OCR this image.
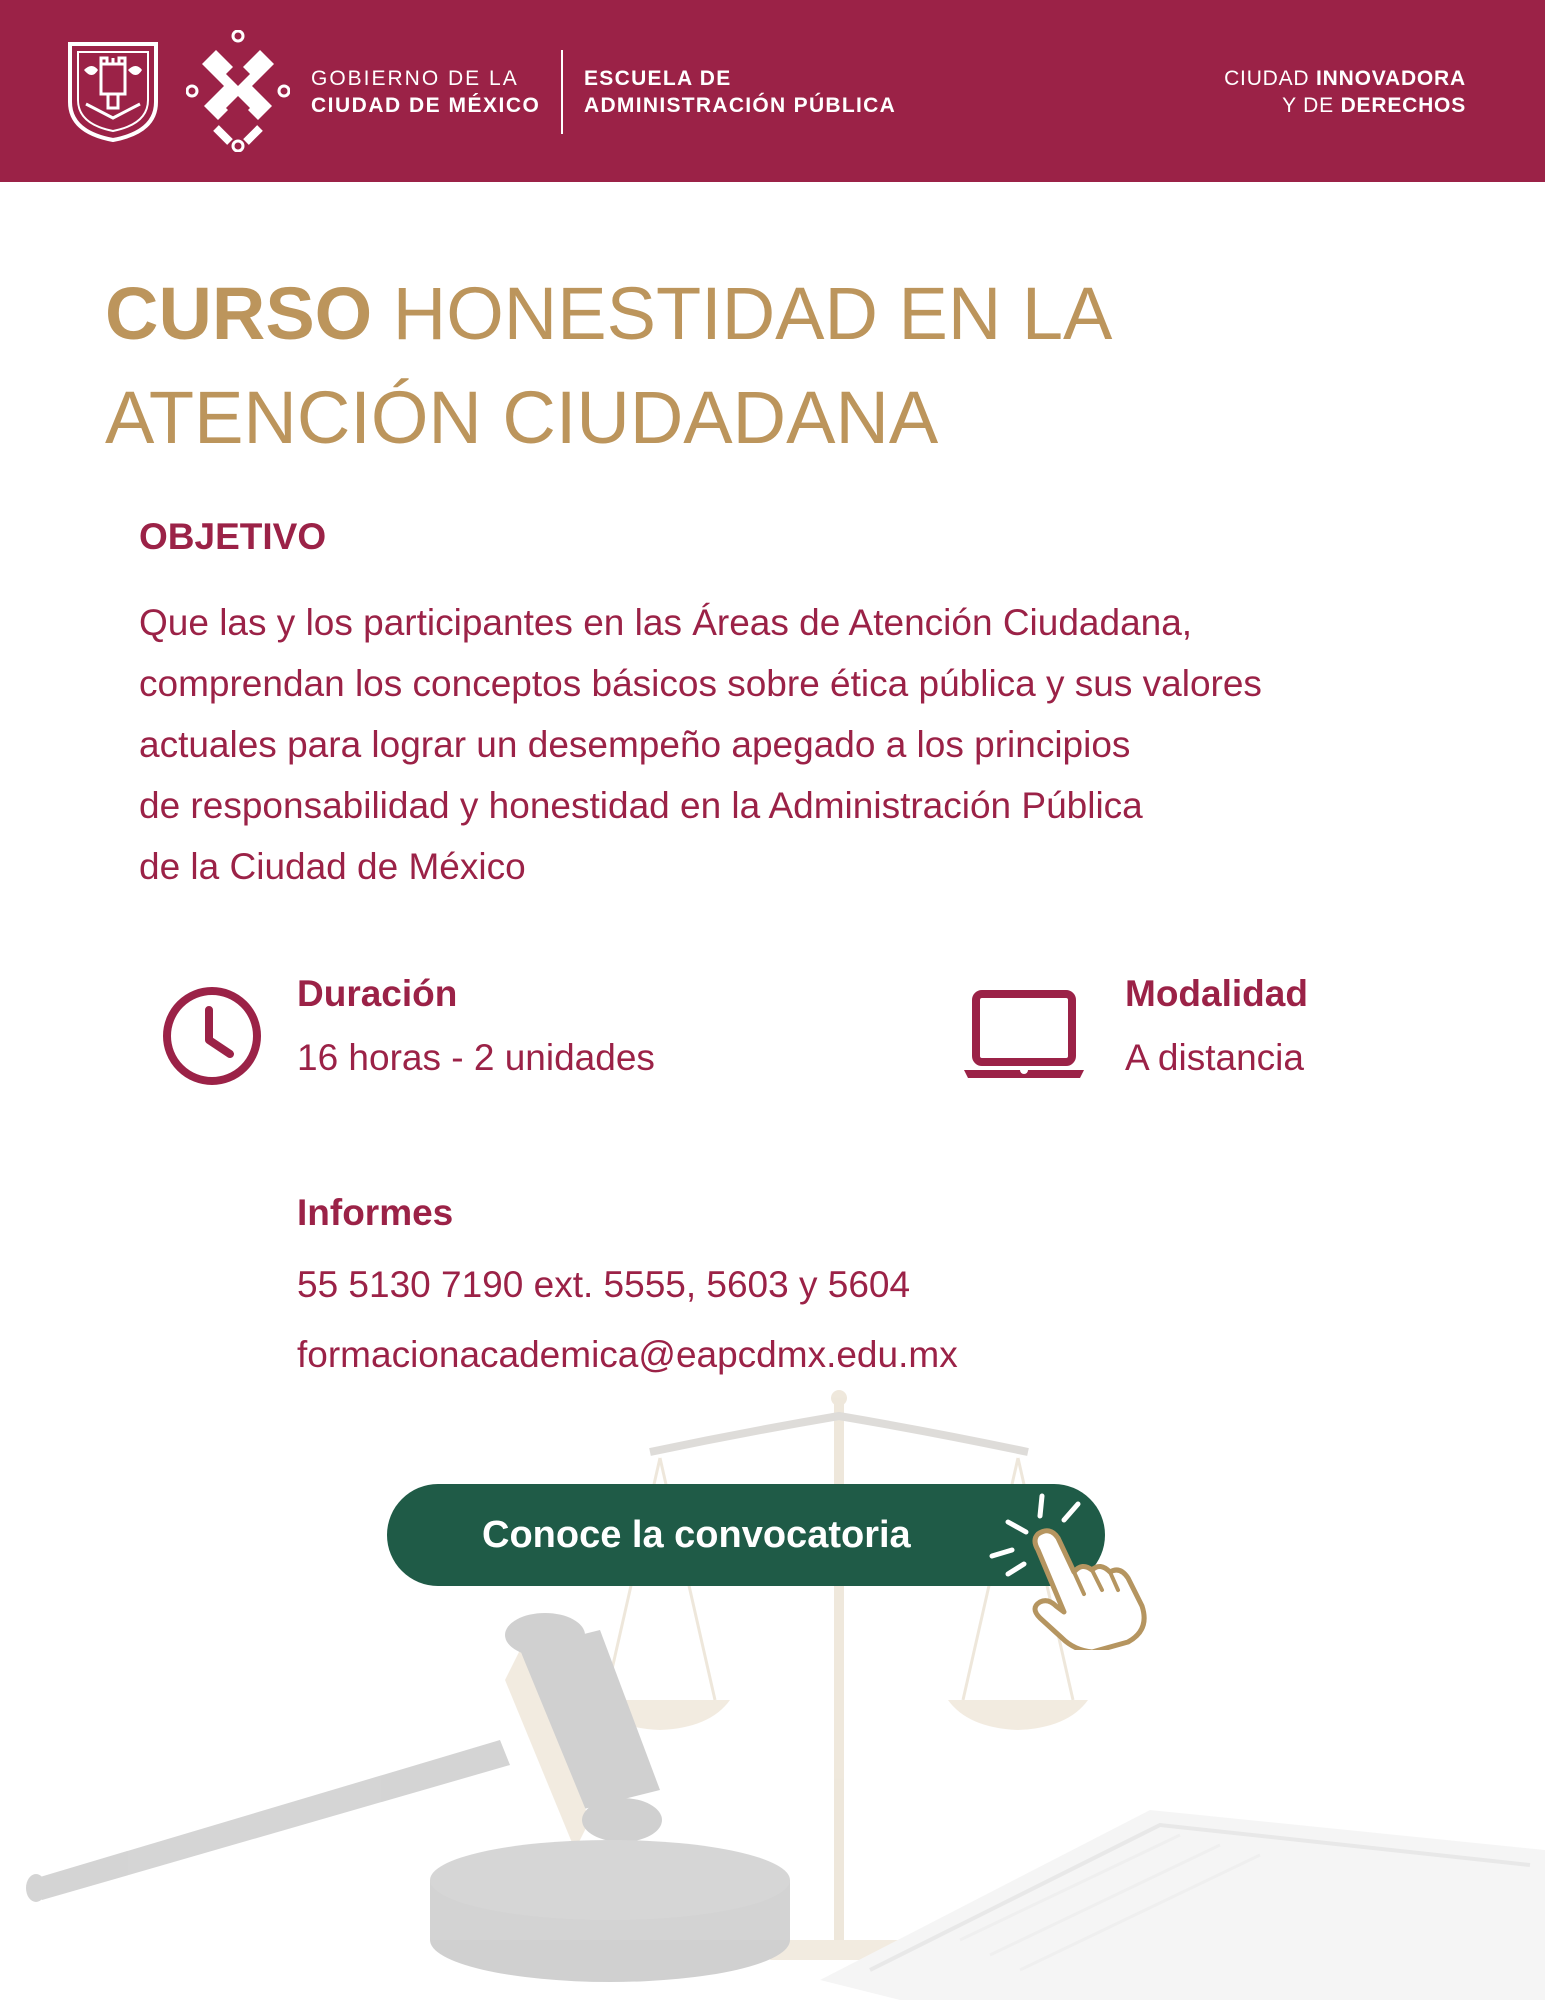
GOBIERNO DE LA
CIUDAD DE MÉXICO
ESCUELA DE
ADMINISTRACIÓN PÚBLICA
CIUDAD INNOVADORA
Y DE DERECHOS
CURSO HONESTIDAD EN LA ATENCIÓN CIUDADANA
OBJETIVO
Que las y los participantes en las Áreas de Atención Ciudadana,
comprendan los conceptos básicos sobre ética pública y sus valores
actuales para lograr un desempeño apegado a los principios
de responsabilidad y honestidad en la Administración Pública
de la Ciudad de México
Duración
16 horas - 2 unidades
Modalidad
A distancia
Informes
55 5130 7190 ext. 5555, 5603 y 5604
formacionacademica@eapcdmx.edu.mx
Conoce la convocatoria
